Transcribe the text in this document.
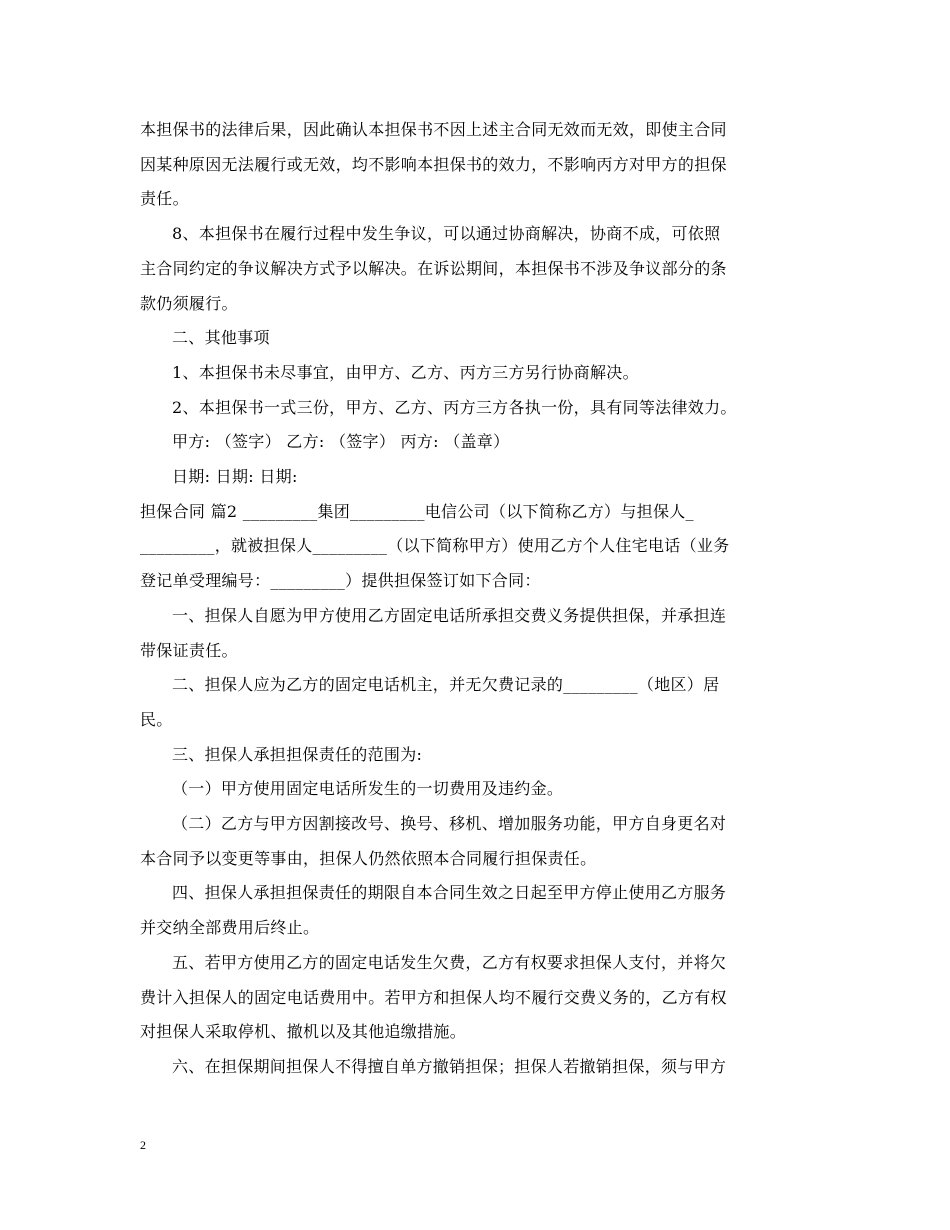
本担保书的法律后果，因此确认本担保书不因上述主合同无效而无效，即使主合同
因某种原因无法履行或无效，均不影响本担保书的效力，不影响丙方对甲方的担保
责任。
8、本担保书在履行过程中发生争议，可以通过协商解决，协商不成，可依照
主合同约定的争议解决方式予以解决。在诉讼期间，本担保书不涉及争议部分的条
款仍须履行。
二、其他事项
1、本担保书未尽事宜，由甲方、乙方、丙方三方另行协商解决。
2、本担保书一式三份，甲方、乙方、丙方三方各执一份，具有同等法律效力。
甲方: （签字） 乙方: （签字） 丙方: （盖章）
日期: 日期: 日期:
担保合同 篇2 _________集团_________电信公司（以下简称乙方）与担保人_
_________，就被担保人_________（以下简称甲方）使用乙方个人住宅电话（业务
登记单受理编号：_________）提供担保签订如下合同：
一、担保人自愿为甲方使用乙方固定电话所承担交费义务提供担保，并承担连
带保证责任。
二、担保人应为乙方的固定电话机主，并无欠费记录的_________（地区）居
民。
三、担保人承担担保责任的范围为:
（一）甲方使用固定电话所发生的一切费用及违约金。
（二）乙方与甲方因割接改号、换号、移机、增加服务功能，甲方自身更名对
本合同予以变更等事由，担保人仍然依照本合同履行担保责任。
四、担保人承担担保责任的期限自本合同生效之日起至甲方停止使用乙方服务
并交纳全部费用后终止。
五、若甲方使用乙方的固定电话发生欠费，乙方有权要求担保人支付，并将欠
费计入担保人的固定电话费用中。若甲方和担保人均不履行交费义务的，乙方有权
对担保人采取停机、撤机以及其他追缴措施。
六、在担保期间担保人不得擅自单方撤销担保；担保人若撤销担保，须与甲方
2
